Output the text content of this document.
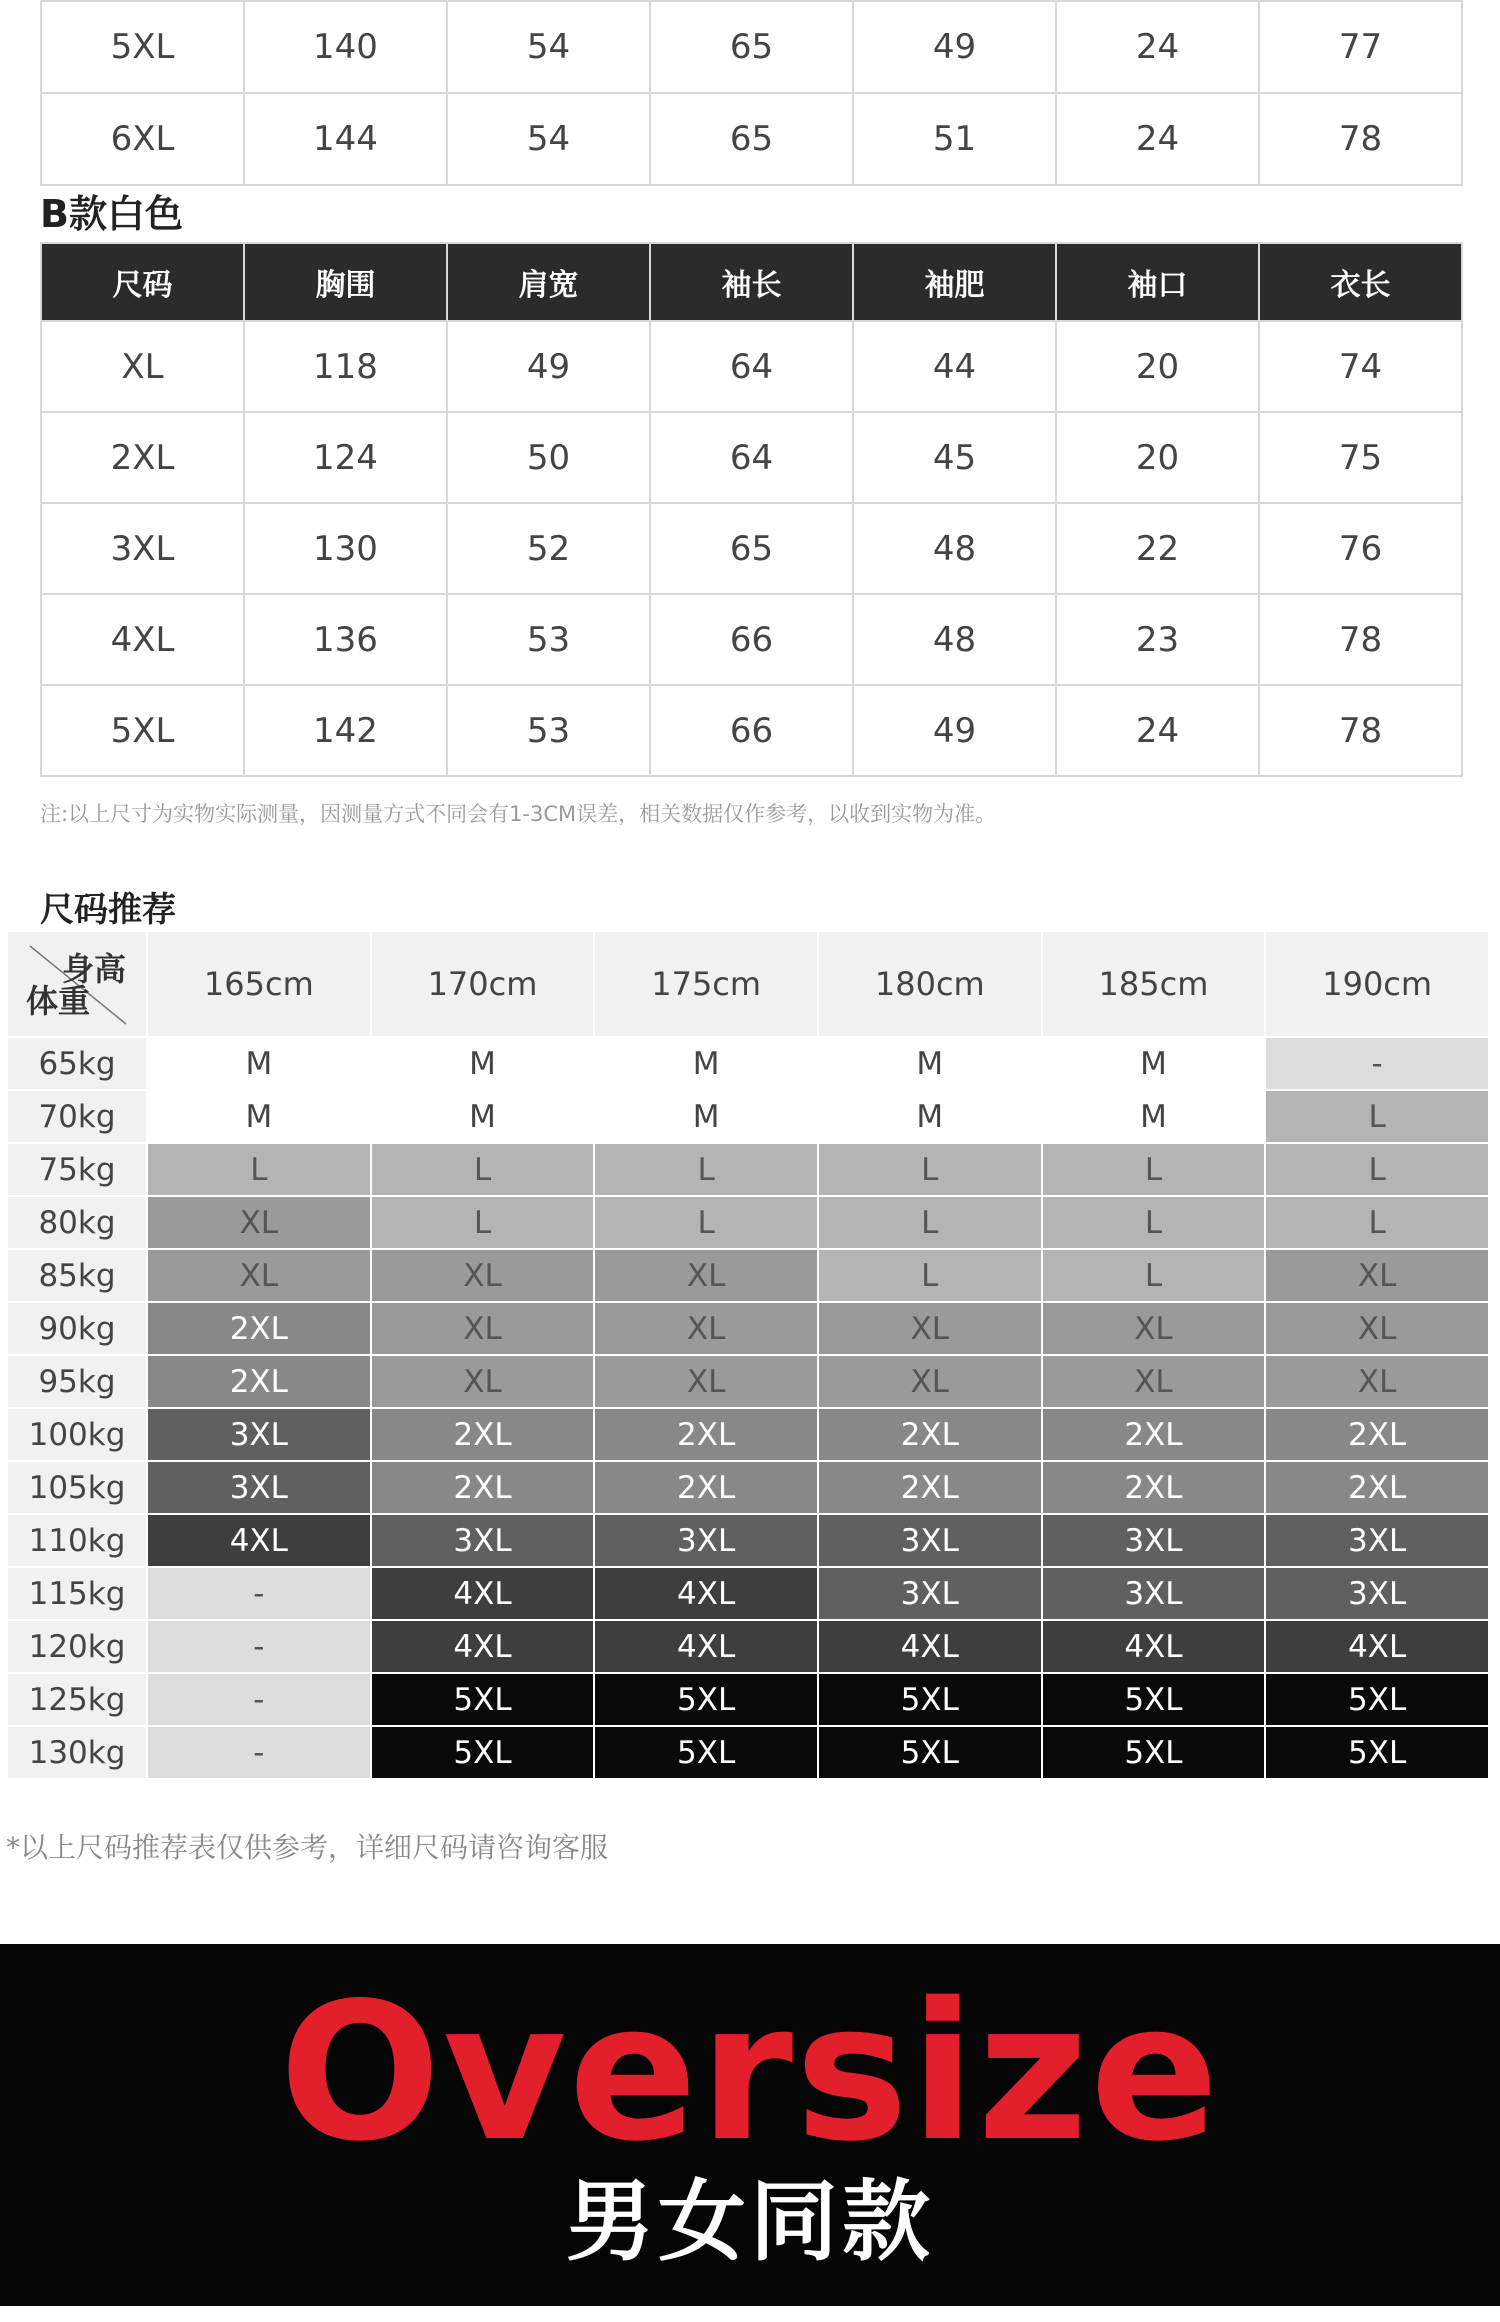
5XL	140	54	65	49	24	77
6XL	144	54	65	51	24	78
B款白色
尺码	胸围	肩宽	袖长	袖肥	袖口	衣长
XL	118	49	64	44	20	74
2XL	124	50	64	45	20	75
3XL	130	52	65	48	22	76
4XL	136	53	66	48	23	78
5XL	142	53	66	49	24	78
注:以上尺寸为实物实际测量，因测量方式不同会有1-3CM误差，相关数据仅作参考，以收到实物为准。
尺码推荐
身高
体重	165cm	170cm	175cm	180cm	185cm	190cm
65kg	M	M	M	M	M	-
70kg	M	M	M	M	M	L
75kg	L	L	L	L	L	L
80kg	XL	L	L	L	L	L
85kg	XL	XL	XL	L	L	XL
90kg	2XL	XL	XL	XL	XL	XL
95kg	2XL	XL	XL	XL	XL	XL
100kg	3XL	2XL	2XL	2XL	2XL	2XL
105kg	3XL	2XL	2XL	2XL	2XL	2XL
110kg	4XL	3XL	3XL	3XL	3XL	3XL
115kg	-	4XL	4XL	3XL	3XL	3XL
120kg	-	4XL	4XL	4XL	4XL	4XL
125kg	-	5XL	5XL	5XL	5XL	5XL
130kg	-	5XL	5XL	5XL	5XL	5XL
*以上尺码推荐表仅供参考，详细尺码请咨询客服
Oversize
男女同款
